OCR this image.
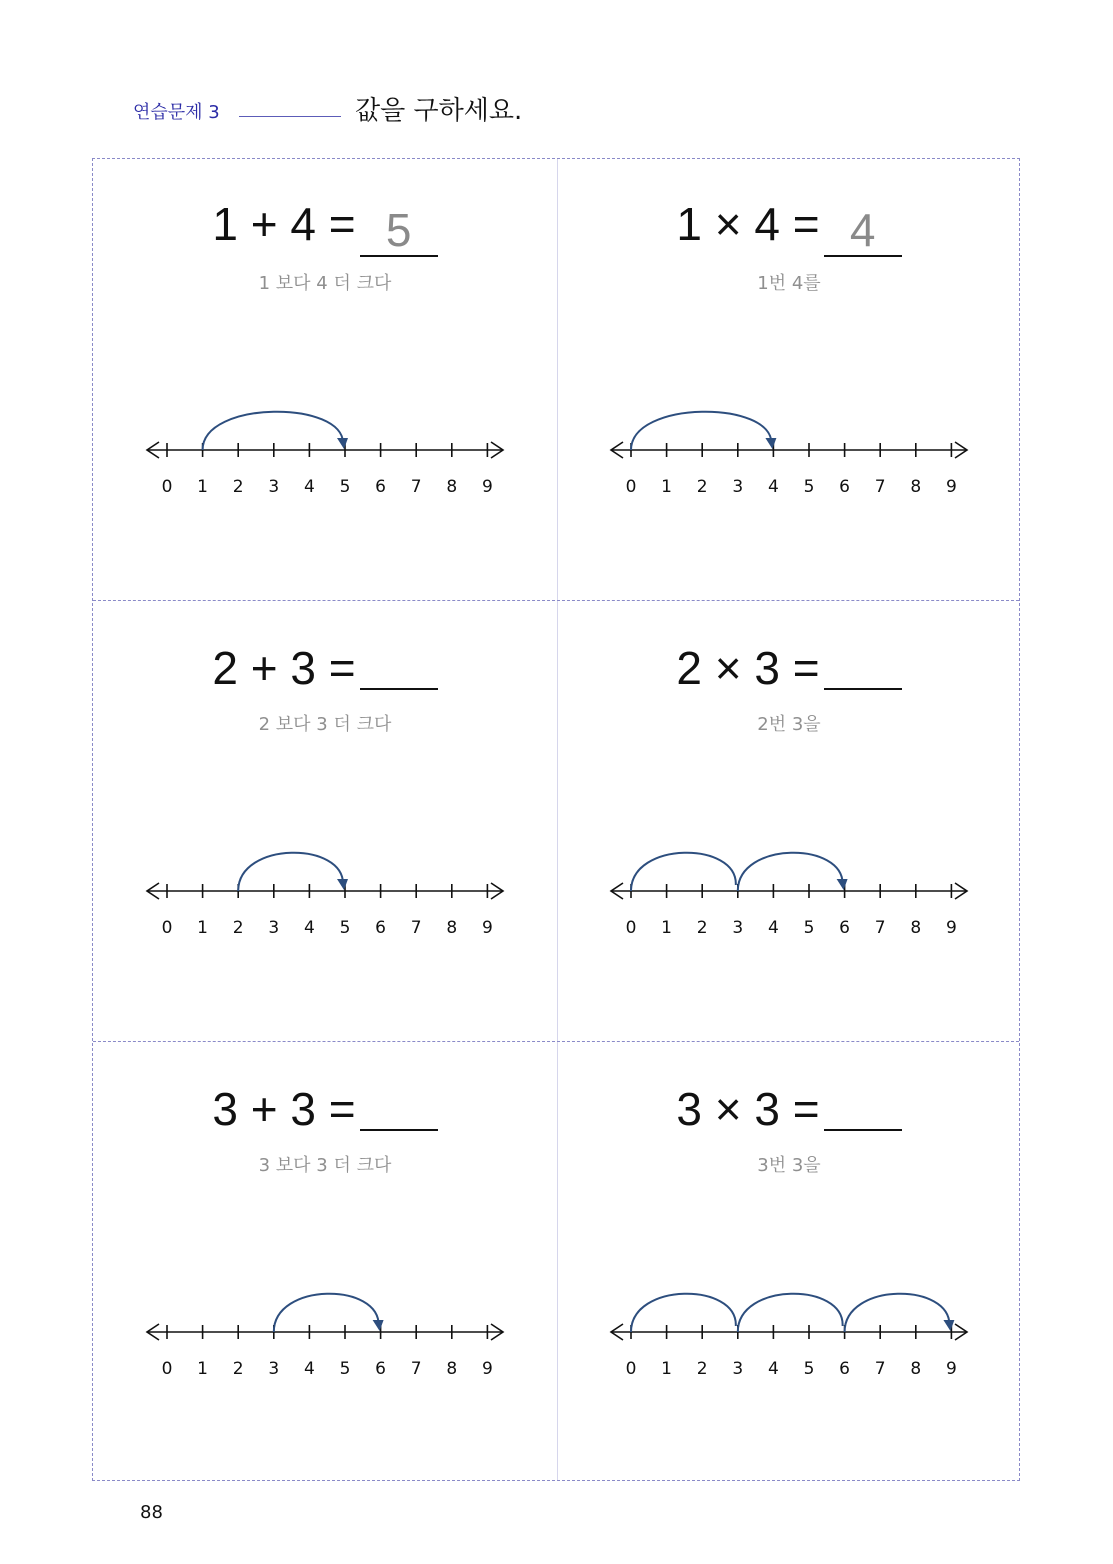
연습문제 3	값을 구하세요.
1 + 4 = 5
1 보다 4 더 크다
0 1 2 3 4 5 6 7 8 9
1 × 4 = 4
1번 4를
0 1 2 3 4 5 6 7 8 9
2 + 3 =
2 보다 3 더 크다
0 1 2 3 4 5 6 7 8 9
2 × 3 =
2번 3을
0 1 2 3 4 5 6 7 8 9
3 + 3 =
3 보다 3 더 크다
0 1 2 3 4 5 6 7 8 9
3 × 3 =
3번 3을
0 1 2 3 4 5 6 7 8 9
88
